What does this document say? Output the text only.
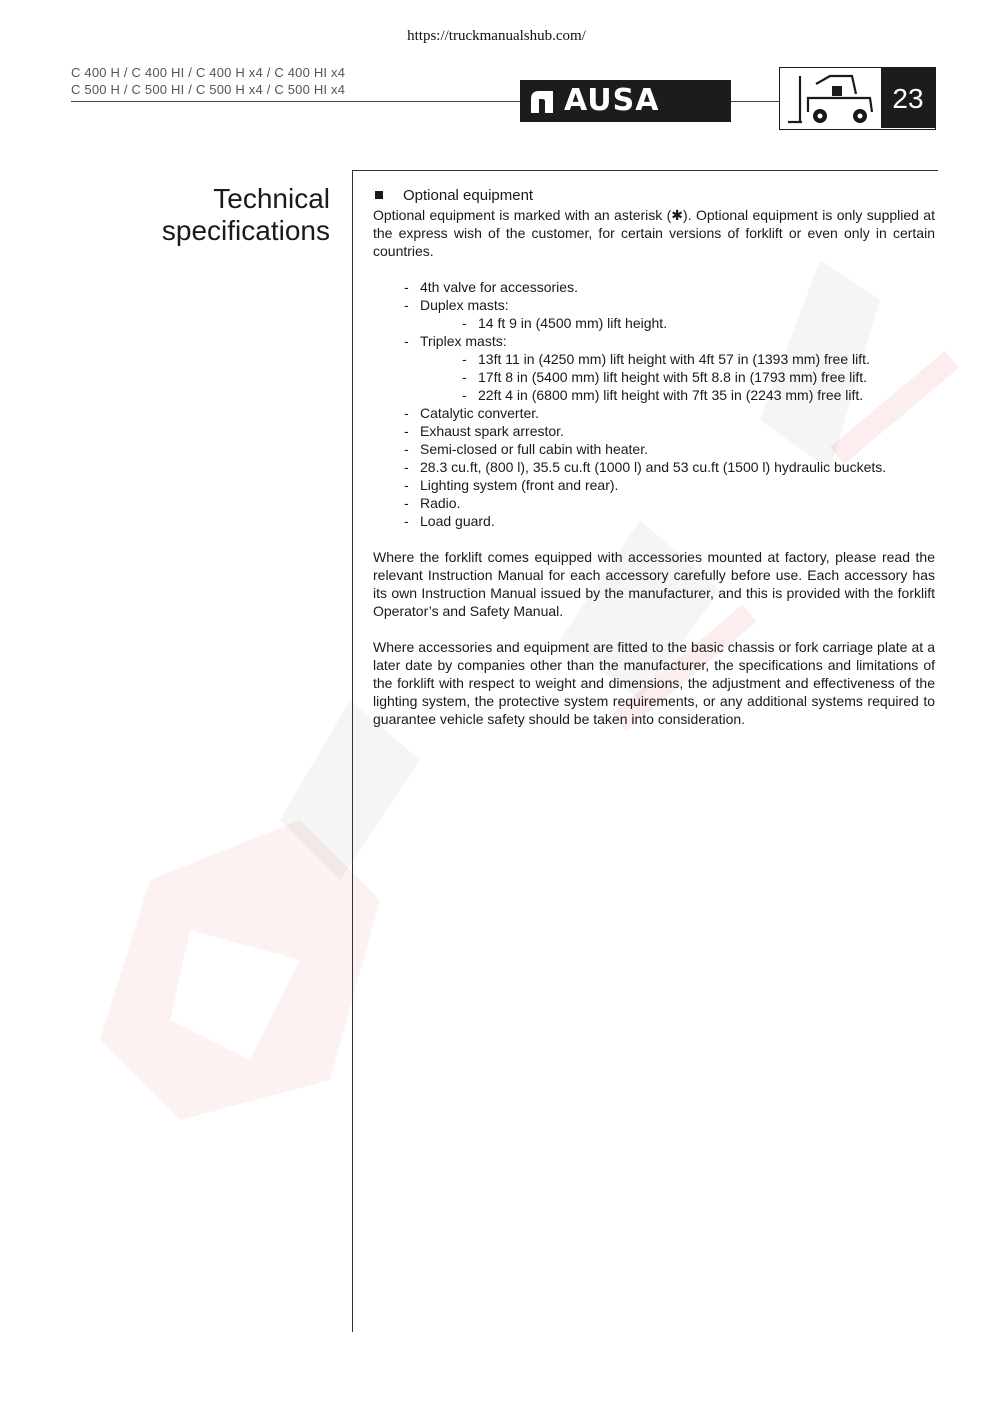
https://truckmanualshub.com/
C 400 H / C 400 HI / C 400 H x4 / C 400 HI x4
C 500 H / C 500 HI / C 500 H x4 / C 500 HI x4	AUSA	23
Technical
specifications
Optional equipment

Optional equipment is marked with an asterisk (✱). Optional equipment is only supplied at the express wish of the customer, for certain versions of forklift or even only in certain countries.

- 4th valve for accessories.
- Duplex masts:
- 14 ft 9 in (4500 mm) lift height.
- Triplex masts:
- 13ft 11 in (4250 mm) lift height with 4ft 57 in (1393 mm) free lift.
- 17ft 8 in (5400 mm) lift height with 5ft 8.8 in (1793 mm) free lift.
- 22ft 4 in (6800 mm) lift height with 7ft 35 in (2243 mm) free lift.
- Catalytic converter.
- Exhaust spark arrestor.
- Semi-closed or full cabin with heater.
- 28.3 cu.ft, (800 l), 35.5 cu.ft (1000 l) and 53 cu.ft (1500 l) hydraulic buckets.
- Lighting system (front and rear).
- Radio.
- Load guard.

Where the forklift comes equipped with accessories mounted at factory, please read the relevant Instruction Manual for each accessory carefully before use. Each accessory has its own Instruction Manual issued by the manufacturer, and this is provided with the forklift Operator’s and Safety Manual.

Where accessories and equipment are fitted to the basic chassis or fork carriage plate at a later date by companies other than the manufacturer, the specifications and limitations of the forklift with respect to weight and dimensions, the adjustment and effectiveness of the lighting system, the protective system requirements, or any additional systems required to guarantee vehicle safety should be taken into consideration.
